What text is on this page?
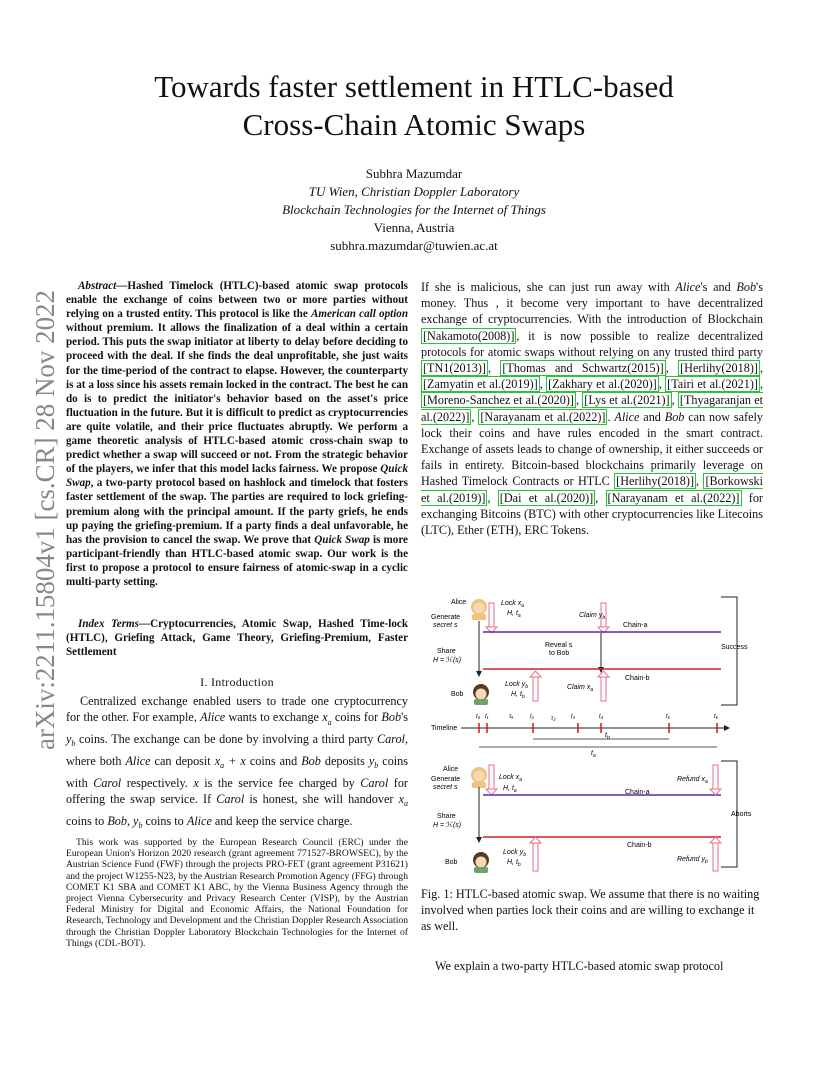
arXiv:2211.15804v1 [cs.CR] 28 Nov 2022
Towards faster settlement in HTLC-based
Cross-Chain Atomic Swaps
Subhra Mazumdar
TU Wien, Christian Doppler Laboratory
Blockchain Technologies for the Internet of Things
Vienna, Austria
subhra.mazumdar@tuwien.ac.at
Abstract—Hashed Timelock (HTLC)-based atomic swap protocols enable the exchange of coins between two or more parties without relying on a trusted entity. This protocol is like the American call option without premium. It allows the finalization of a deal within a certain period. This puts the swap initiator at liberty to delay before deciding to proceed with the deal. If she finds the deal unprofitable, she just waits for the time-period of the contract to elapse. However, the counterparty is at a loss since his assets remain locked in the contract. The best he can do is to predict the initiator's behavior based on the asset's price fluctuation in the future. But it is difficult to predict as cryptocurrencies are quite volatile, and their price fluctuates abruptly. We perform a game theoretic analysis of HTLC-based atomic cross-chain swap to predict whether a swap will succeed or not. From the strategic behavior of the players, we infer that this model lacks fairness. We propose Quick Swap, a two-party protocol based on hashlock and timelock that fosters faster settlement of the swap. The parties are required to lock griefing-premium along with the principal amount. If the party griefs, he ends up paying the griefing-premium. If a party finds a deal unfavorable, he has the provision to cancel the swap. We prove that Quick Swap is more participant-friendly than HTLC-based atomic swap. Our work is the first to propose a protocol to ensure fairness of atomic-swap in a cyclic multi-party setting.
Index Terms—Cryptocurrencies, Atomic Swap, Hashed Time-lock (HTLC), Griefing Attack, Game Theory, Griefing-Premium, Faster Settlement
I. Introduction
Centralized exchange enabled users to trade one cryptocurrency for the other. For example, Alice wants to exchange $x_a$ coins for Bob's $y_b$ coins. The exchange can be done by involving a third party Carol, where both Alice can deposit $x_a + x$ coins and Bob deposits $y_b$ coins with Carol respectively. x is the service fee charged by Carol for offering the swap service. If Carol is honest, she will handover $x_a$ coins to Bob, $y_b$ coins to Alice and keep the service charge.
This work was supported by the European Research Council (ERC) under the European Union's Horizon 2020 research (grant agreement 771527-BROWSEC), by the Austrian Science Fund (FWF) through the projects PRO-FET (grant agreement P31621) and the project W1255-N23, by the Austrian Research Promotion Agency (FFG) through COMET K1 SBA and COMET K1 ABC, by the Vienna Business Agency through the project Vienna Cybersecurity and Privacy Research Center (VISP), by the Austrian Federal Ministry for Digital and Economic Affairs, the National Foundation for Research, Technology and Development and the Christian Doppler Research Association through the Christian Doppler Laboratory Blockchain Technologies for the Internet of Things (CDL-BOT).
If she is malicious, she can just run away with Alice's and Bob's money. Thus , it become very important to have decentralized exchange of cryptocurrencies. With the introduction of Blockchain [Nakamoto(2008)] , it is now possible to realize decentralized protocols for atomic swaps without relying on any trusted third party [TN1(2013)] , [Thomas and Schwartz(2015)] , [Herlihy(2018)] , [Zamyatin et al.(2019)] , [Zakhary et al.(2020)] , [Tairi et al.(2021)] , [Moreno-Sanchez et al.(2020)] , [Lys et al.(2021)] , [Thyagaranjan et al.(2022)] , [Narayanam et al.(2022)] . Alice and Bob can now safely lock their coins and have rules encoded in the smart contract. Exchange of assets leads to change of ownership, it either succeeds or fails in entirety. Bitcoin-based blockchains primarily leverage on Hashed Timelock Contracts or HTLC [Herlihy(2018)] , [Borkowski et al.(2019)] , [Dai et al.(2020)] , [Narayanam et al.(2022)] for exchanging Bitcoins (BTC) with other cryptocurrencies like Litecoins (LTC), Ether (ETH), ERC Tokens.
Alice
Generate
secret s
Share
H = ℋ(s)
Lock $x_a$
H, $t_a$	Claim $y_b$
Chain-a
Reveal s
to Bob
Chain-b
Success
Bob
Lock $y_b$
H, $t_b$
Claim $x_a$
Timeline
t₀ t₁	τₐ	t₂	τ₂	t₃	t₄	t₅	t₆
$t_b$
$t_a$
Alice
Generate
secret s
Share
H = ℋ(s)
Lock $x_a$
H, $t_a$	Chain-a
Refund $x_a$
Aborts
Chain-b
Bob
Lock $y_b$
H, $t_b$
Refund $y_b$
Fig. 1: HTLC-based atomic swap. We assume that there is no waiting involved when parties lock their coins and are willing to exchange it as well.
We explain a two-party HTLC-based atomic swap protocol
